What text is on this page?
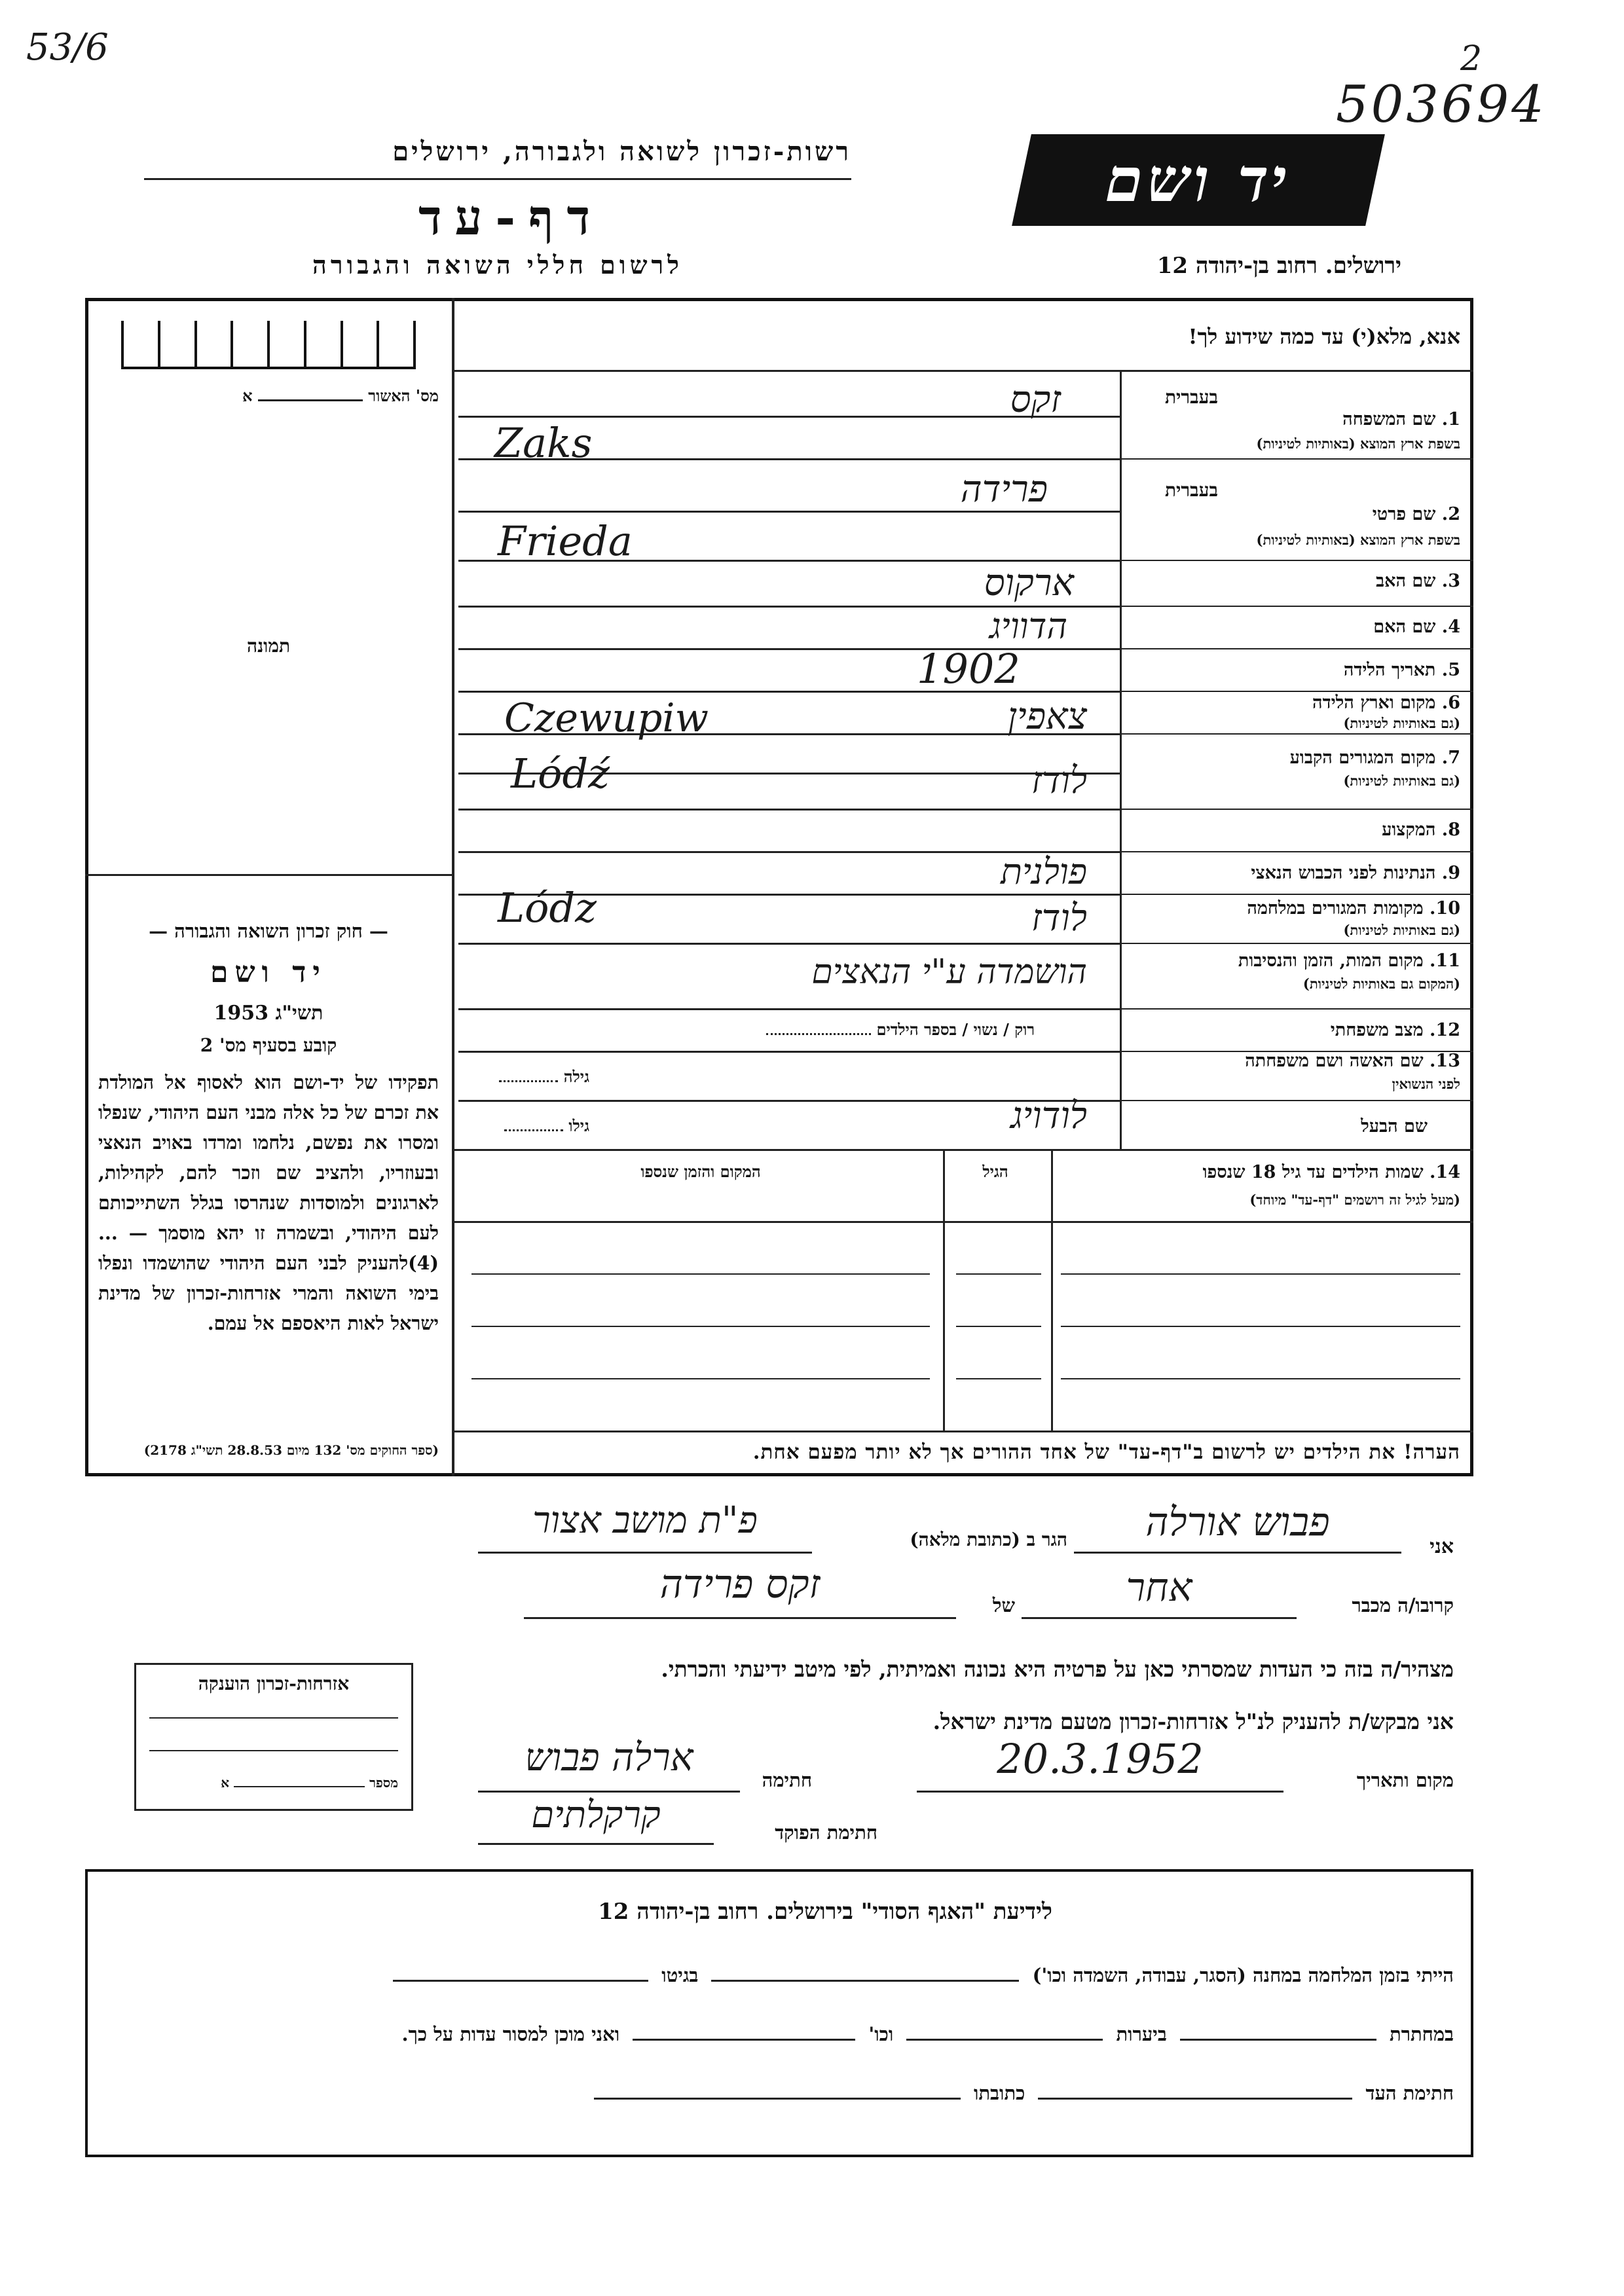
53/6	2
503694
רשות-זכרון לשואה ולגבורה, ירושלים
דף-עד
לרשום חללי השואה והגבורה
יד ושם
ירושלים. רחוב בן-יהודה 12
אנא, מלא(י) עד כמה שידוע לך!
מס' האשור  א
תמונה
בעברית
1. שם המשפחה
בשפת ארץ המוצא (באותיות לטיניות)
זקס
Zaks
בעברית
2. שם פרטי
בשפת ארץ המוצא (באותיות לטיניות)
פרידה
Frieda
3. שם האב
ארקוס
4. שם האם
הדוויג
5. תאריך הלידה
1902
6. מקום וארץ הלידה
(גם באותיות לטיניות)
צאפין
Czewupiw
7. מקום המגורים הקבוע
(גם באותיות לטיניות)
לודז
Lódź
8. המקצוע
9. הנתינות לפני הכבוש הנאצי
פולנית
10. מקומות המגורים במלחמה
(גם באותיות לטיניות)
לודז
Lódz
11. מקום המות, הזמן והנסיבות
(המקום גם באותיות לטיניות)
הושמדה ע"י הנאצים
12. מצב משפחתי
רוק / נשוי / בספר הילדים
13. שם האשה ושם משפחתה
לפני הנשואין
גילה
שם הבעל
לודויג
גילו
14. שמות הילדים עד גיל 18 שנספו
(מעל לגיל זה רושמים "דף-עד" מיוחד)
הגיל
המקום והזמן שנספו
הערה! את הילדים יש לרשום ב"דף-עד" של אחד ההורים אך לא יותר מפעם אחת.
— חוק זכרון השואה והגבורה —
יד ושם
תשי"ג 1953
קובע בסעיף מס' 2
תפקידו של יד-ושם הוא לאסוף אל המולדת את זכרם של כל אלה מבני העם היהודי, שנפלו ומסרו את נפשם, נלחמו ומרדו באויב הנאצי ובעוזריו, ולהציב שם וזכר להם, לקהילות, לארגונים ולמוסדות שנהרסו בגלל השתייכותם לעם היהודי, ובשמרה זו יהא מוסמך — ...(4)להעניק לבני העם היהודי שהושמדו ונפלו בימי השואה והמרי אזרחות-זכרון של מדינת ישראל לאות היאספם אל עמם.
(ספר החוקים מס' 132 מיום 28.8.53 תשי"ג 2178)
אני
פבוש אורלה
הגר ב (כתובת מלאה)
פ"ת מושב אצור
קרובו/ה מכבר
אחר
של
זקס פרידה
מצהיר/ה בזה כי העדות שמסרתי כאן על פרטיה היא נכונה ואמיתית, לפי מיטב ידיעתי והכרתי.
אני מבקש/ת להעניק לנ"ל אזרחות-זכרון מטעם מדינת ישראל.
מקום ותאריך
20.3.1952
חתימה
ארלה פבוש
חתימת הפוקד
קרקלתים
אזרחות-זכרון הוענקה
מספר  א
לידיעת "האגף הסודי" בירושלים. רחוב בן-יהודה 12
הייתי בזמן המלחמה במחנה (הסגר, עבודה, השמדה וכו')  בגיטו
במחתרת  ביערות  וכו'  ואני מוכן למסור עדות על כך.
חתימת העד  כתובתו
